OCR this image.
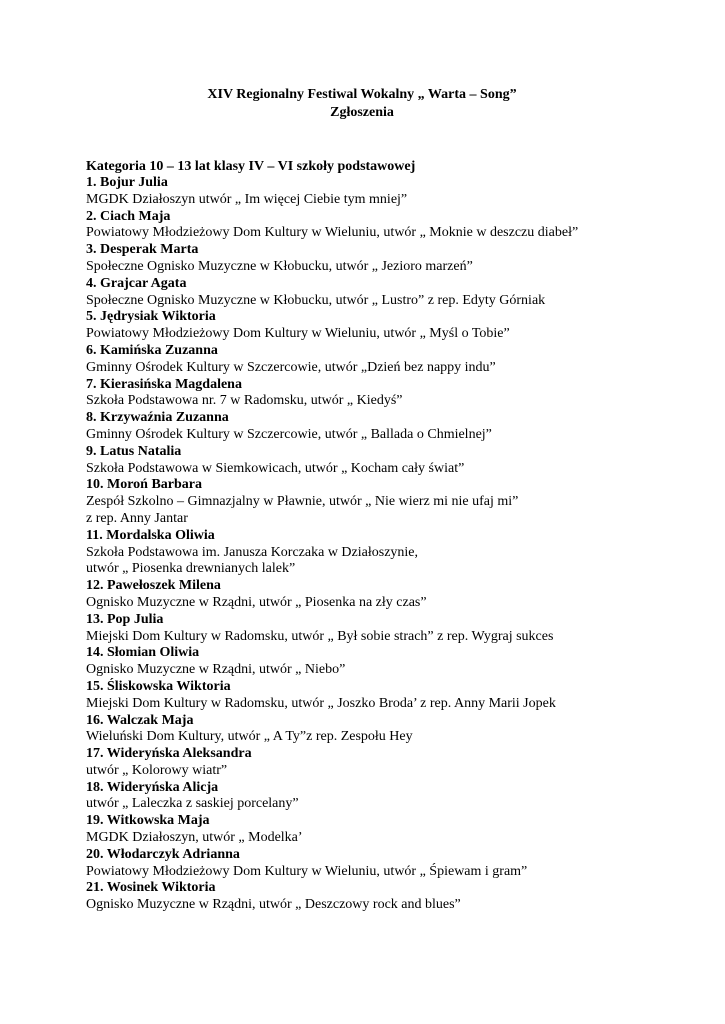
XIV Regionalny Festiwal Wokalny „ Warta – Song”

Zgłoszenia

Kategoria 10 – 13 lat klasy IV – VI szkoły podstawowej
1. Bojur Julia
MGDK Działoszyn utwór „ Im więcej Ciebie tym mniej”
2. Ciach Maja
Powiatowy Młodzieżowy Dom Kultury w Wieluniu, utwór „ Moknie w deszczu diabeł”
3. Desperak Marta
Społeczne Ognisko Muzyczne w Kłobucku, utwór „ Jezioro marzeń”
4. Grajcar Agata
Społeczne Ognisko Muzyczne w Kłobucku, utwór „ Lustro” z rep. Edyty Górniak
5. Jędrysiak Wiktoria
Powiatowy Młodzieżowy Dom Kultury w Wieluniu, utwór „ Myśl o Tobie”
6. Kamińska Zuzanna
Gminny Ośrodek Kultury w Szczercowie, utwór „Dzień bez nappy indu”
7. Kierasińska Magdalena
Szkoła Podstawowa nr. 7 w Radomsku, utwór „ Kiedyś”
8. Krzywaźnia Zuzanna
Gminny Ośrodek Kultury w Szczercowie, utwór „ Ballada o Chmielnej”
9. Latus Natalia
Szkoła Podstawowa w Siemkowicach, utwór „ Kocham cały świat”
10. Moroń Barbara
Zespół Szkolno – Gimnazjalny w Pławnie, utwór „ Nie wierz mi nie ufaj mi”
z rep. Anny Jantar
11. Mordalska Oliwia
Szkoła Podstawowa im. Janusza Korczaka w Działoszynie,
utwór „ Piosenka drewnianych lalek”
12. Pawełoszek Milena
Ognisko Muzyczne w Rządni, utwór „ Piosenka na zły czas”
13. Pop Julia
Miejski Dom Kultury w Radomsku, utwór „ Był sobie strach” z rep. Wygraj sukces
14. Słomian Oliwia
Ognisko Muzyczne w Rządni, utwór „ Niebo”
15. Śliskowska Wiktoria
Miejski Dom Kultury w Radomsku, utwór „ Joszko Broda’ z rep. Anny Marii Jopek
16. Walczak Maja
Wieluński Dom Kultury, utwór „ A Ty”z rep. Zespołu Hey
17. Wideryńska Aleksandra
utwór „ Kolorowy wiatr”
18. Wideryńska Alicja
utwór „ Laleczka z saskiej porcelany”
19. Witkowska Maja
MGDK Działoszyn, utwór „ Modelka’
20. Włodarczyk Adrianna
Powiatowy Młodzieżowy Dom Kultury w Wieluniu, utwór „ Śpiewam i gram”
21. Wosinek Wiktoria
Ognisko Muzyczne w Rządni, utwór „ Deszczowy rock and blues”
